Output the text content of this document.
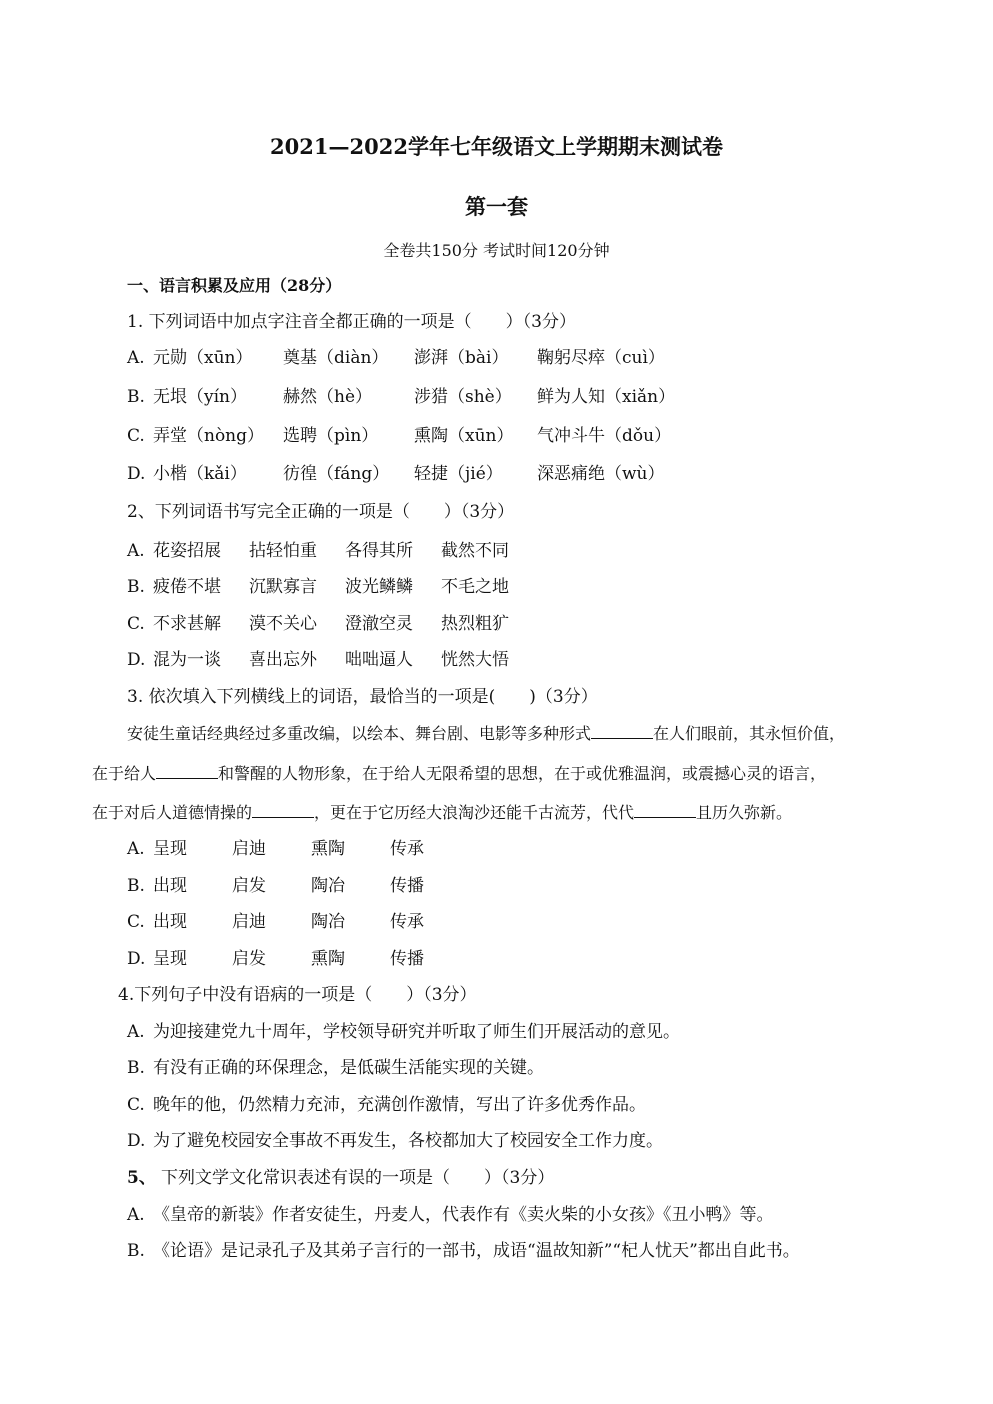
2021—2022学年七年级语文上学期期末测试卷
第一套
全卷共150分 考试时间120分钟
一、语言积累及应用（28分）
1. 下列词语中加点字注音全都正确的一项是（　　）（3分）
A. 元勋（xūn） 奠基（diàn） 澎湃（bài） 鞠躬尽瘁（cuì）
B. 无垠（yín） 赫然（hè） 涉猎（shè） 鲜为人知（xiǎn）
C. 弄堂（nòng） 选聘（pìn） 熏陶（xūn） 气冲斗牛（dǒu）
D. 小楷（kǎi） 彷徨（fáng） 轻捷（jié） 深恶痛绝（wù）
2、下列词语书写完全正确的一项是（　　）（3分）
A. 花姿招展 拈轻怕重 各得其所 截然不同
B. 疲倦不堪 沉默寡言 波光鳞鳞 不毛之地
C. 不求甚解 漠不关心 澄澈空灵 热烈粗犷
D. 混为一谈 喜出忘外 咄咄逼人 恍然大悟
3. 依次填入下列横线上的词语，最恰当的一项是(　　)（3分）
安徒生童话经典经过多重改编，以绘本、舞台剧、电影等多种形式	在人们眼前，其永恒价值，
在于给人	和警醒的人物形象，在于给人无限希望的思想，在于或优雅温润，或震撼心灵的语言，
在于对后人道德情操的	，更在于它历经大浪淘沙还能千古流芳，代代	且历久弥新。
A. 呈现	启迪	熏陶	传承
B. 出现	启发	陶冶	传播
C. 出现	启迪	陶冶	传承
D. 呈现	启发	熏陶	传播
4.下列句子中没有语病的一项是（　　）（3分）
A. 为迎接建党九十周年，学校领导研究并听取了师生们开展活动的意见。
B. 有没有正确的环保理念，是低碳生活能实现的关键。
C. 晚年的他，仍然精力充沛，充满创作激情，写出了许多优秀作品。
D. 为了避免校园安全事故不再发生，各校都加大了校园安全工作力度。
5、 下列文学文化常识表述有误的一项是（　　）（3分）
A. 《皇帝的新装》作者安徒生，丹麦人，代表作有《卖火柴的小女孩》《丑小鸭》等。
B. 《论语》是记录孔子及其弟子言行的一部书，成语“温故知新”“杞人忧天”都出自此书。
